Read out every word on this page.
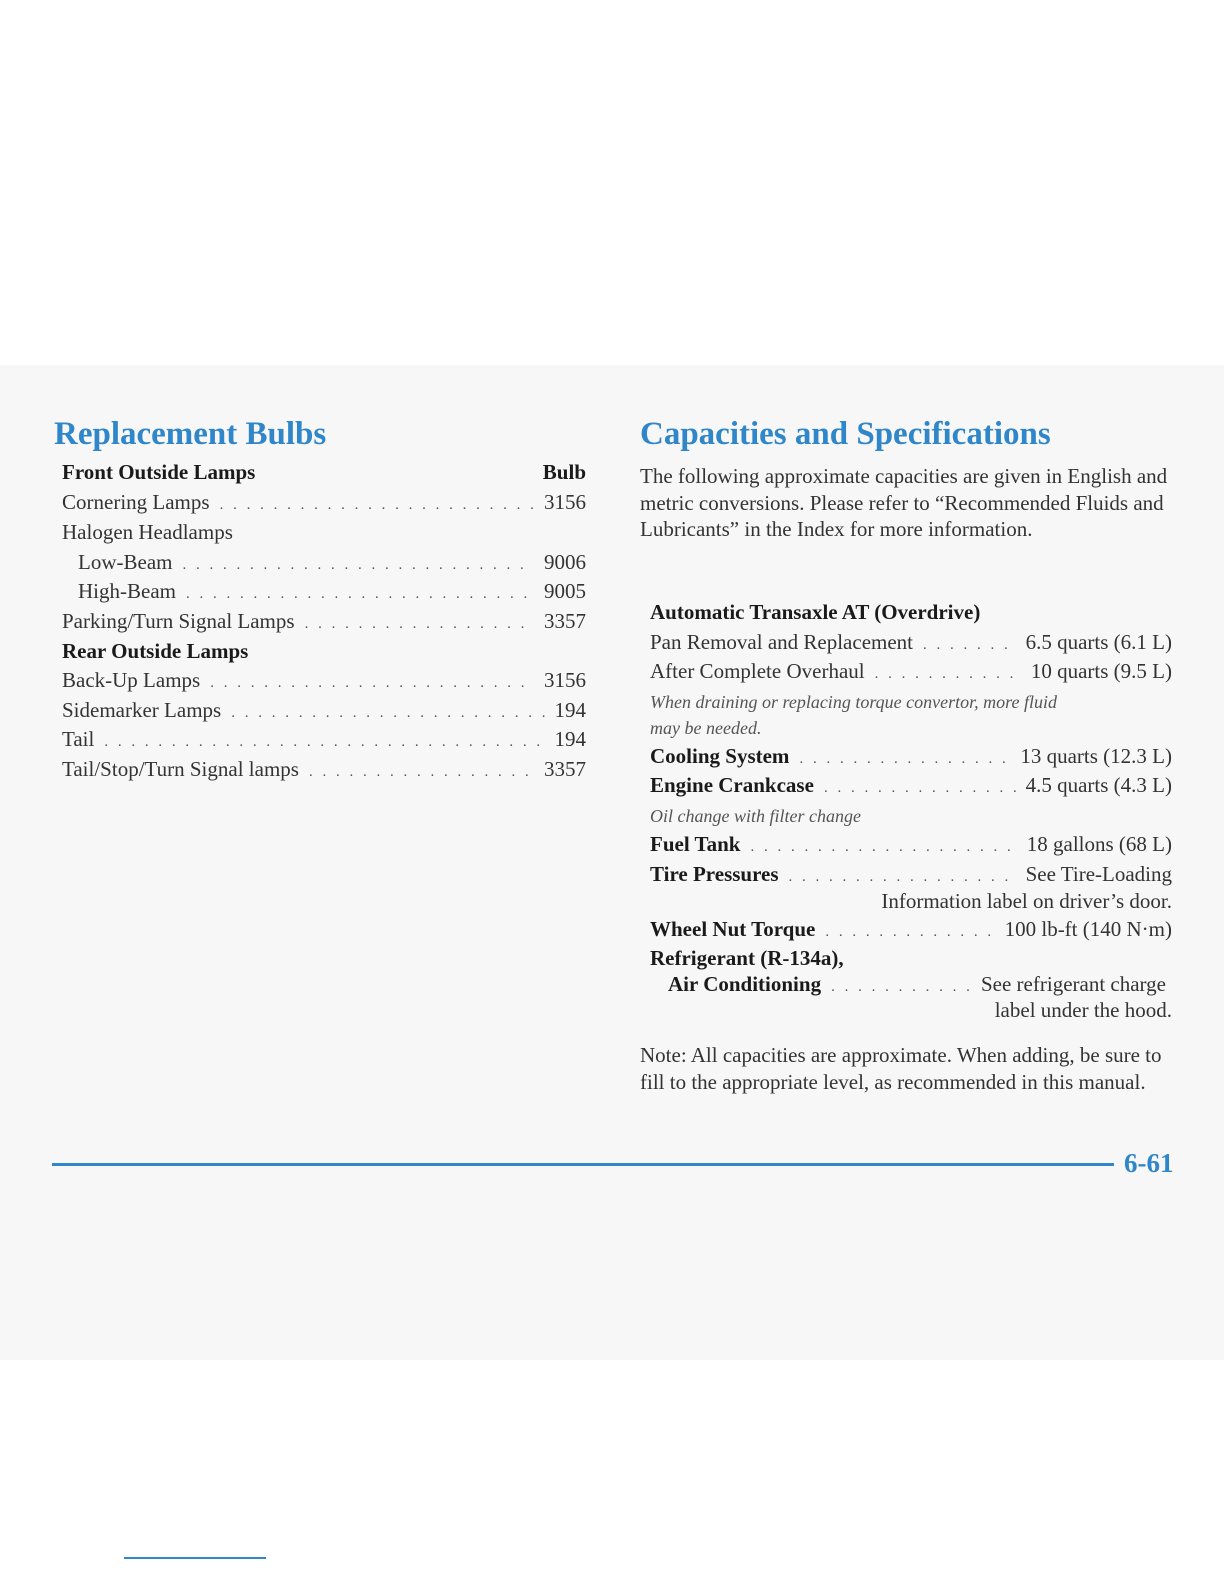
Replacement Bulbs	Capacities and Specifications
Front Outside Lamps	Bulb
Cornering Lamps . . .	3156
Halogen Headlamps
Low-Beam . . .	9006
High-Beam . . .	9005
Parking/Turn Signal Lamps . . .	3357
Rear Outside Lamps
Back-Up Lamps . . .	3156
Sidemarker Lamps . . .	194
Tail . . .	194
Tail/Stop/Turn Signal lamps . . .	3357

The following approximate capacities are given in English and metric conversions. Please refer to “Recommended Fluids and Lubricants” in the Index for more information.

Automatic Transaxle AT (Overdrive)
Pan Removal and Replacement . . .	6.5 quarts (6.1 L)
After Complete Overhaul . . .	10 quarts (9.5 L)
When draining or replacing torque convertor, more fluid
may be needed.
Cooling System . . .	13 quarts (12.3 L)
Engine Crankcase . . .	4.5 quarts (4.3 L)
Oil change with filter change
Fuel Tank . . .	18 gallons (68 L)
Tire Pressures . . .	See Tire-Loading
Information label on driver’s door.
Wheel Nut Torque . . .	100 lb-ft (140 N·m)
Refrigerant (R-134a),
Air Conditioning . . .	See refrigerant charge
label under the hood.

Note: All capacities are approximate. When adding, be sure to fill to the appropriate level, as recommended in this manual.

6-61
